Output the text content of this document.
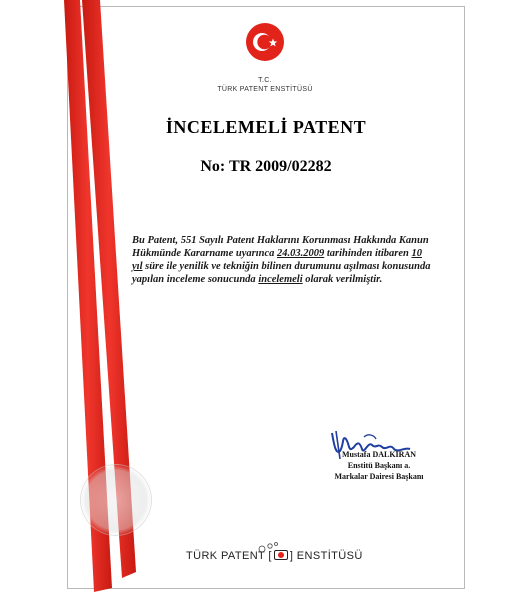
T.C.
TÜRK PATENT ENSTİTÜSÜ
İNCELEMELİ PATENT
No: TR 2009/02282
Bu Patent, 551 Sayılı Patent Haklarını Korunması Hakkında Kanun Hükmünde Kararname uyarınca 24.03.2009 tarihinden itibaren 10 yıl süre ile yenilik ve tekniğin bilinen durumunu aşılması konusunda yapılan inceleme sonucunda incelemeli olarak verilmiştir.
Mustafa DALKIRAN
Enstitü Başkanı a.
Markalar Dairesi Başkanı
TÜRK PATENT [ ] ENSTİTÜSÜ
